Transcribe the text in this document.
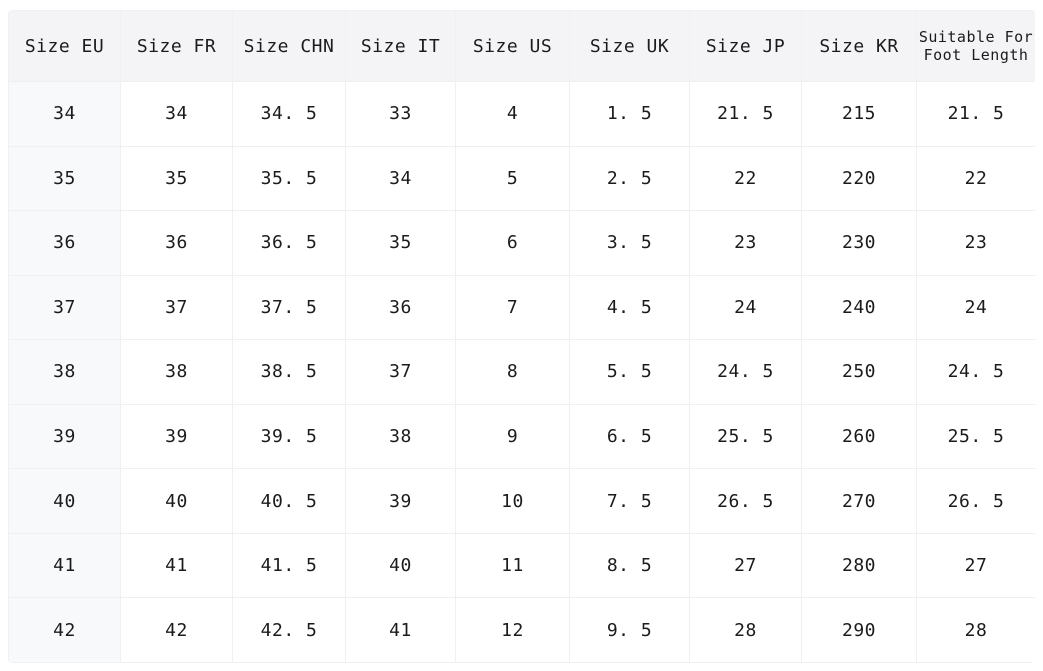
Size EU	Size FR	Size CHN	Size IT	Size US	Size UK	Size JP	Size KR	Suitable For Foot Length
34	34	34. 5	33	4	1. 5	21. 5	215	21. 5
35	35	35. 5	34	5	2. 5	22	220	22
36	36	36. 5	35	6	3. 5	23	230	23
37	37	37. 5	36	7	4. 5	24	240	24
38	38	38. 5	37	8	5. 5	24. 5	250	24. 5
39	39	39. 5	38	9	6. 5	25. 5	260	25. 5
40	40	40. 5	39	10	7. 5	26. 5	270	26. 5
41	41	41. 5	40	11	8. 5	27	280	27
42	42	42. 5	41	12	9. 5	28	290	28
